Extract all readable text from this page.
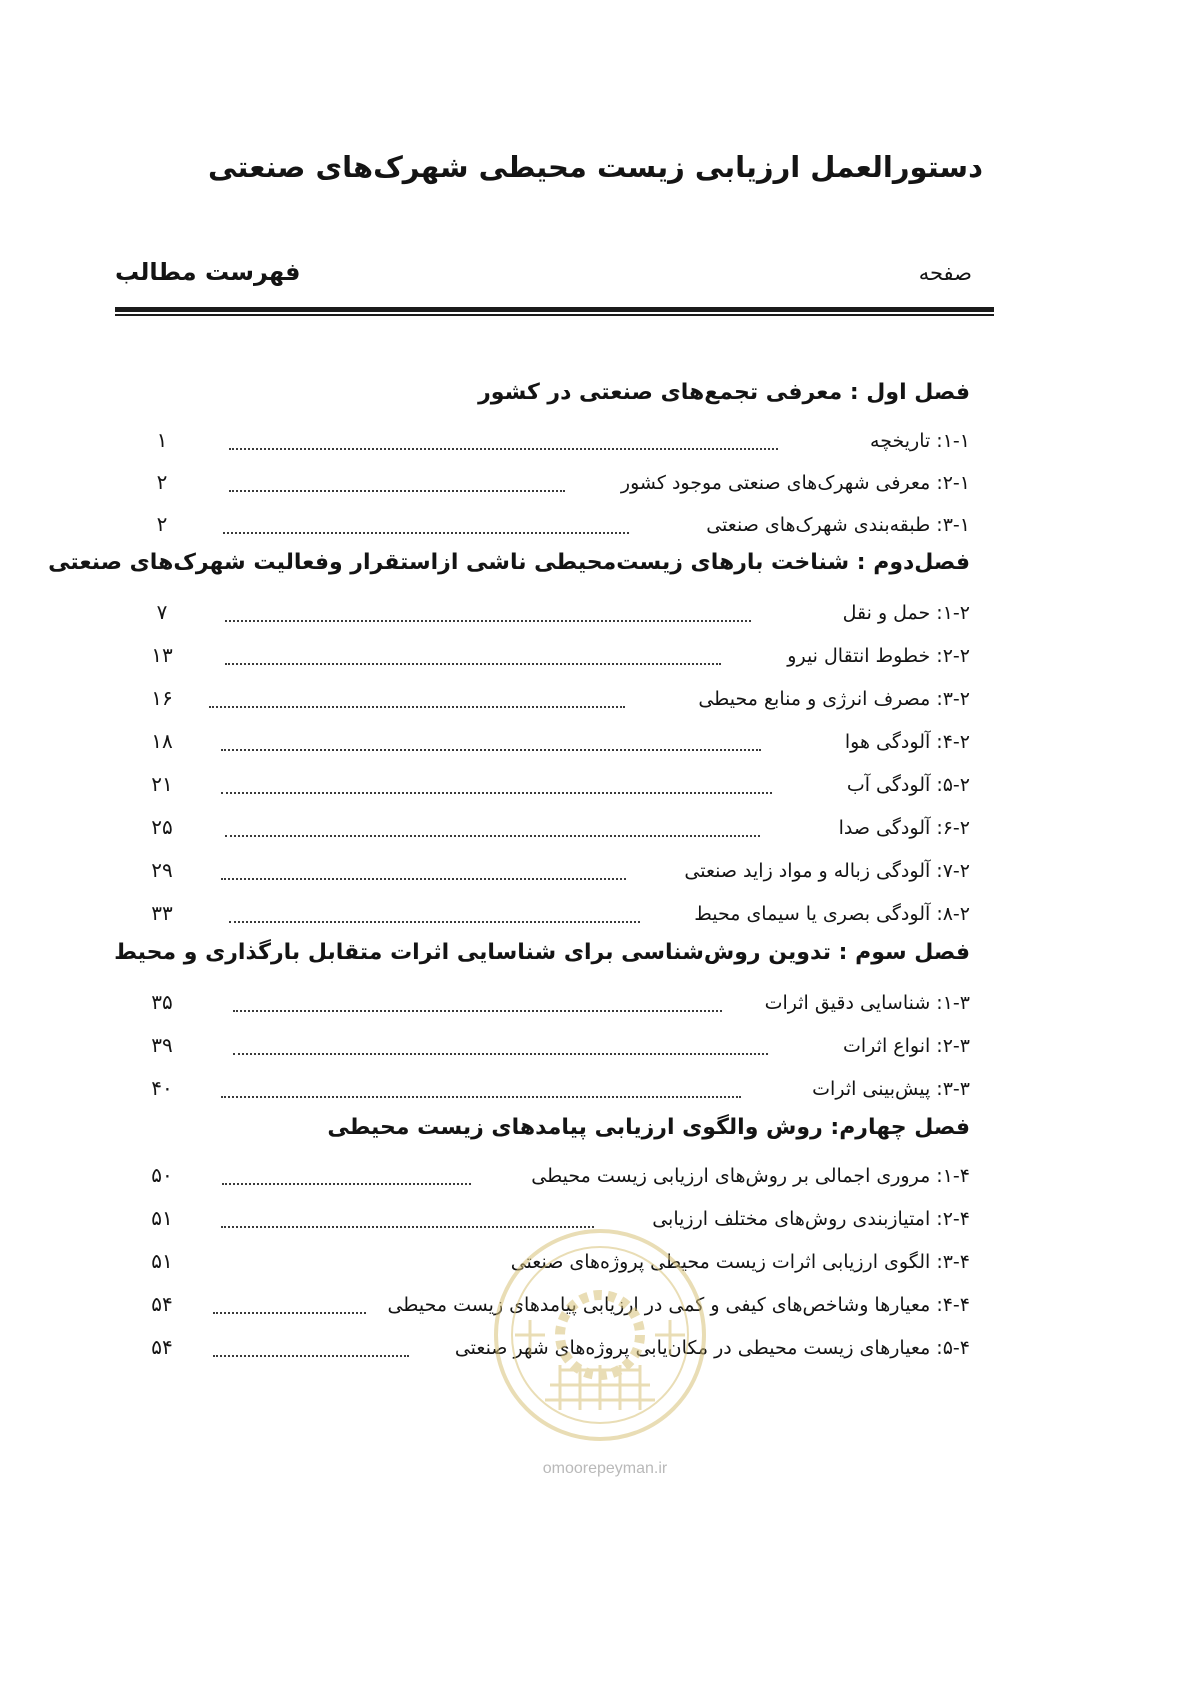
دستورالعمل ارزیابی زیست محیطی شهرک‌های صنعتی
فهرست مطالب	صفحه
فصل اول : معرفی تجمع‌های صنعتی در کشور
۱	۱-۱: تاریخچه
۲	۲-۱: معرفی شهرک‌های صنعتی موجود کشور
۲	۳-۱: طبقه‌بندی شهرک‌های صنعتی
فصل‌دوم : شناخت بارهای زیست‌محیطی ناشی ازاستقرار وفعالیت شهرک‌های صنعتی
۷	۱-۲: حمل و نقل
۱۳	۲-۲: خطوط انتقال نیرو
۱۶	۳-۲: مصرف انرژی و منابع محیطی
۱۸	۴-۲: آلودگی هوا
۲۱	۵-۲: آلودگی آب
۲۵	۶-۲: آلودگی صدا
۲۹	۷-۲: آلودگی زباله و مواد زاید صنعتی
۳۳	۸-۲: آلودگی بصری یا سیمای محیط
فصل سوم : تدوین روش‌شناسی برای شناسایی اثرات متقابل بارگذاری و محیط
۳۵	۱-۳: شناسایی دقیق اثرات
۳۹	۲-۳: انواع اثرات
۴۰	۳-۳: پیش‌بینی اثرات
فصل چهارم: روش والگوی ارزیابی پیامدهای زیست محیطی
۵۰	۱-۴: مروری اجمالی بر روش‌های ارزیابی زیست محیطی
۵۱	۲-۴: امتیازبندی روش‌های مختلف ارزیابی
۵۱	۳-۴: الگوی ارزیابی اثرات زیست محیطی پروژه‌های صنعتی
۵۴	۴-۴: معیارها وشاخص‌های کیفی و کمی در ارزیابی پیامدهای زیست محیطی
۵۴	۵-۴: معیارهای زیست محیطی در مکان‌یابی پروژه‌های شهر صنعتی
omoorepeyman.ir
